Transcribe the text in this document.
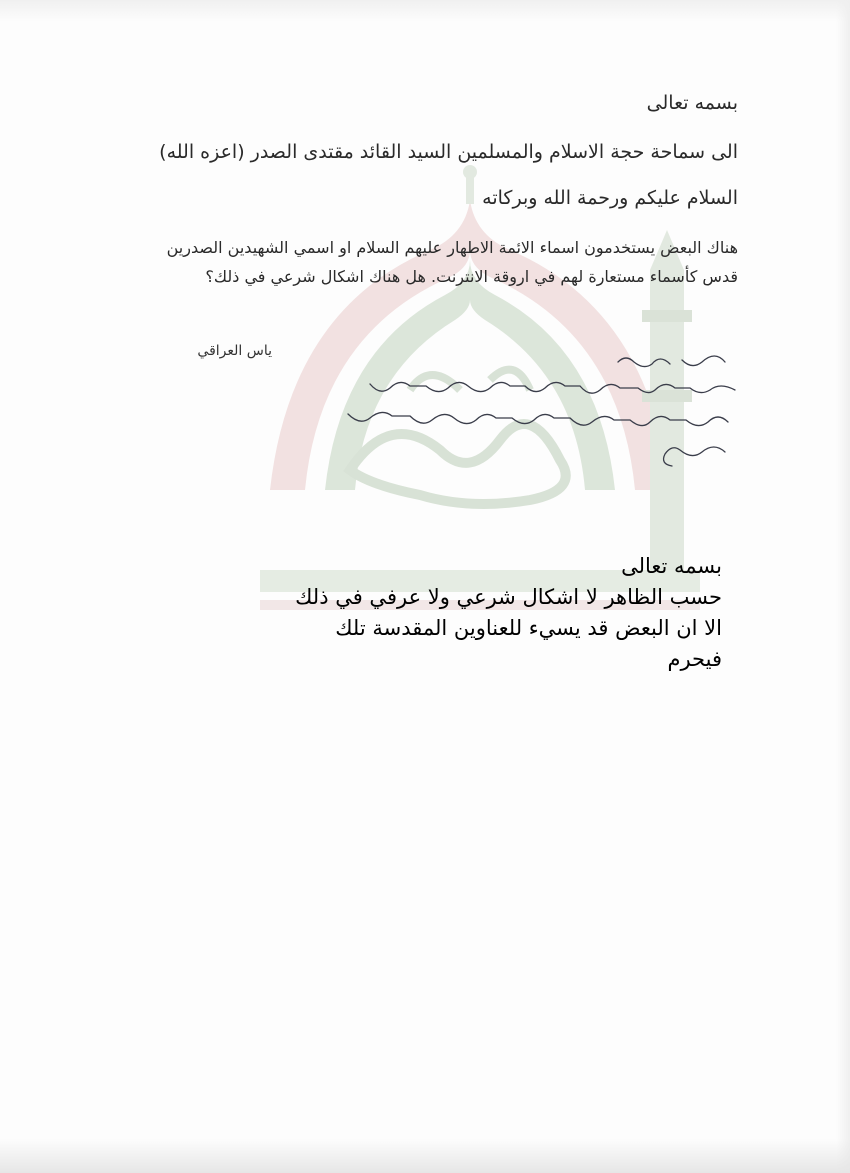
بسمه تعالى
الى سماحة حجة الاسلام والمسلمين السيد القائد مقتدى الصدر (اعزه الله)
السلام عليكم ورحمة الله وبركاته
هناك البعض يستخدمون اسماء الائمة الاطهار عليهم السلام او اسمي الشهيدين الصدرين قدس كأسماء مستعارة لهم في اروقة الانترنت. هل هناك اشكال شرعي في ذلك؟
ياس العراقي
بسمه تعالى
حسب الظاهر لا اشكال شرعي ولا عرفي في ذلك
الا ان البعض قد يسيء للعناوين المقدسة تلك
فيحرم
